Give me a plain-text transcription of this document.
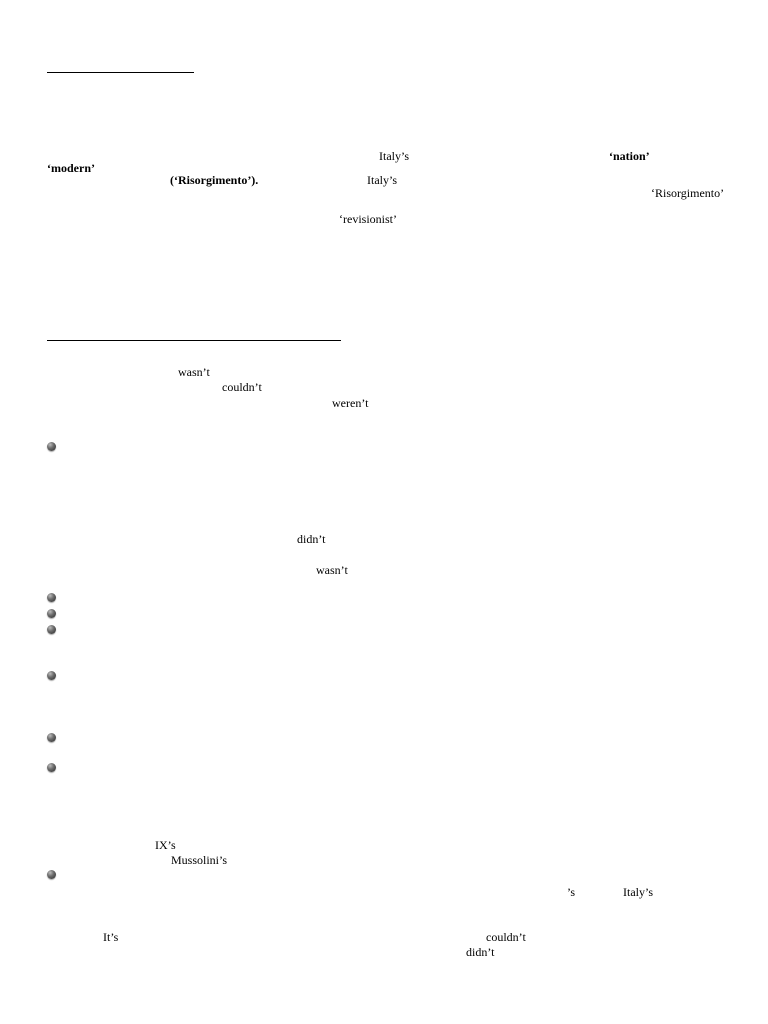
Italy’s	‘nation’
‘modern’
(‘Risorgimento’).	Italy’s
‘Risorgimento’
‘revisionist’
wasn’t
couldn’t
weren’t
didn’t
wasn’t
IX’s
Mussolini’s
’s	Italy’s
It’s	couldn’t
didn’t
